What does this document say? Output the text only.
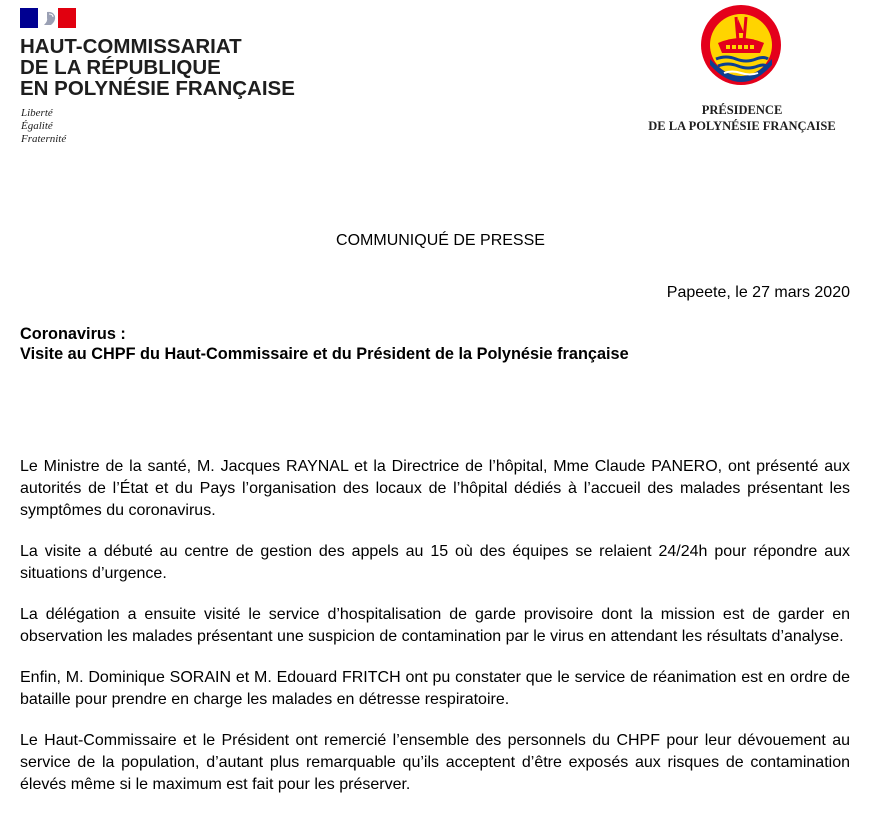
HAUT-COMMISSARIAT
DE LA RÉPUBLIQUE
EN POLYNÉSIE FRANÇAISE
Liberté
Égalité
Fraternité
PRÉSIDENCE
DE LA POLYNÉSIE FRANÇAISE
COMMUNIQUÉ DE PRESSE
Papeete, le 27 mars 2020
Coronavirus :
Visite au CHPF du Haut-Commissaire et du Président de la Polynésie française

Le Ministre de la santé, M. Jacques RAYNAL et la Directrice de l’hôpital, Mme Claude PANERO, ont présenté aux autorités de l’État et du Pays l’organisation des locaux de l’hôpital dédiés à l’accueil des malades présentant les symptômes du coronavirus.

La visite a débuté au centre de gestion des appels au 15 où des équipes se relaient 24/24h pour répondre aux situations d’urgence.

La délégation a ensuite visité le service d’hospitalisation de garde provisoire dont la mission est de garder en observation les malades présentant une suspicion de contamination par le virus en attendant les résultats d’analyse.

Enfin, M. Dominique SORAIN et M. Edouard FRITCH ont pu constater que le service de réanimation est en ordre de bataille pour prendre en charge les malades en détresse respiratoire.

Le Haut-Commissaire et le Président ont remercié l’ensemble des personnels du CHPF pour leur dévouement au service de la population, d’autant plus remarquable qu’ils acceptent d’être exposés aux risques de contamination élevés même si le maximum est fait pour les préserver.
